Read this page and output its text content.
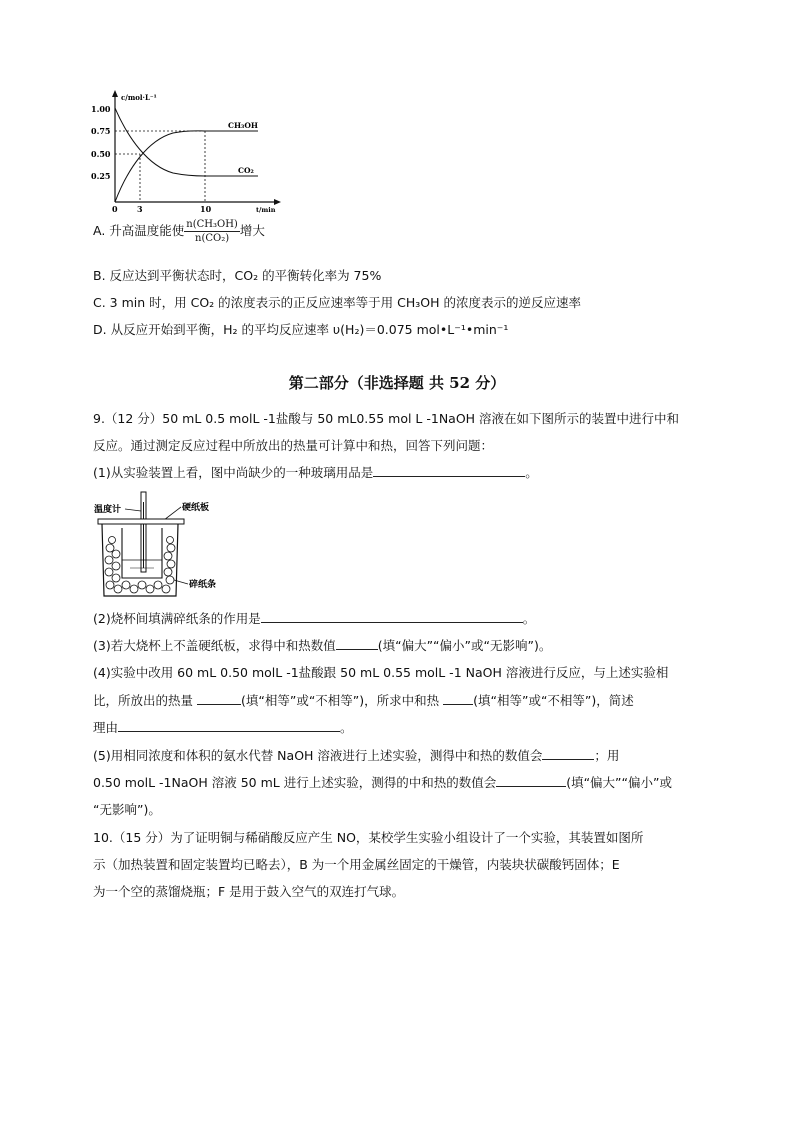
1.00
0.75
0.50
0.25
0 3	10
c/mol·L⁻¹
t/min
CH₃OH
CO₂
A. 升高温度能使 $\frac{\text{n(CH₃OH)}}{\text{n(CO₂)}}$ 增大
B. 反应达到平衡状态时，CO₂ 的平衡转化率为 75%
C. 3 min 时，用 CO₂ 的浓度表示的正反应速率等于用 CH₃OH 的浓度表示的逆反应速率
D. 从反应开始到平衡，H₂ 的平均反应速率 υ(H₂)＝0.075 mol•L⁻¹•min⁻¹
第二部分（非选择题 共 52 分）
9.（12 分）50 mL 0.5 molL -1盐酸与 50 mL0.55 mol L -1NaOH 溶液在如下图所示的装置中进行中和
反应。通过测定反应过程中所放出的热量可计算中和热，回答下列问题：
(1)从实验装置上看，图中尚缺少的一种玻璃用品是	。
温度计	硬纸板
碎纸条
(2)烧杯间填满碎纸条的作用是	。
(3)若大烧杯上不盖硬纸板，求得中和热数值	(填“偏大”“偏小”或“无影响”)。
(4)实验中改用 60 mL 0.50 molL -1盐酸跟 50 mL 0.55 molL -1 NaOH 溶液进行反应，与上述实验相
比，所放出的热量	(填“相等”或“不相等”)，所求中和热 (填“相等”或“不相等”)，简述
理由	。
(5)用相同浓度和体积的氨水代替 NaOH 溶液进行上述实验，测得中和热的数值会	；用
0.50 molL -1NaOH 溶液 50 mL 进行上述实验，测得的中和热的数值会	(填“偏大”“偏小”或
“无影响”)。
10.（15 分）为了证明铜与稀硝酸反应产生 NO，某校学生实验小组设计了一个实验，其装置如图所
示（加热装置和固定装置均已略去），B 为一个用金属丝固定的干燥管，内装块状碳酸钙固体；E
为一个空的蒸馏烧瓶；F 是用于鼓入空气的双连打气球。
